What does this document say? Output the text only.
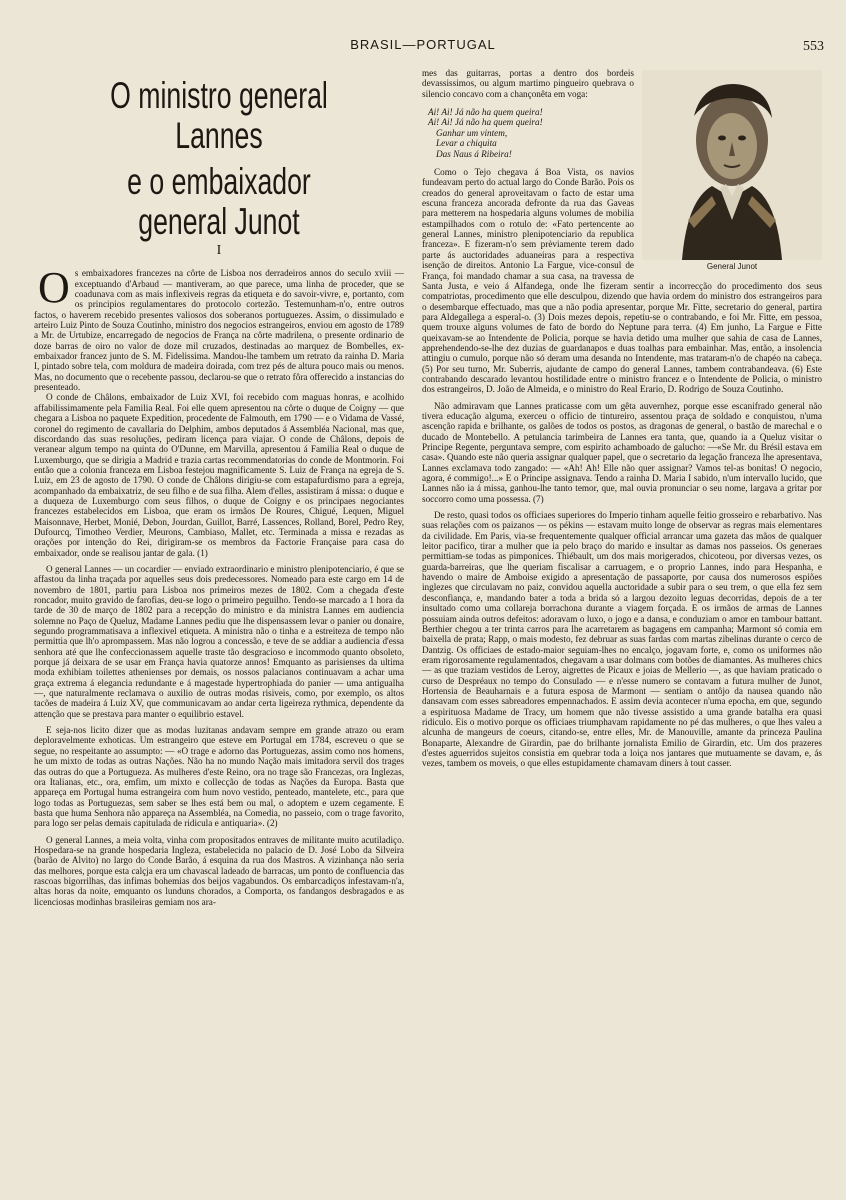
BRASIL—PORTUGAL	553
O ministro general Lannes
e o embaixador general Junot
I
O s embaixadores francezes na côrte de Lisboa nos derradeiros annos do seculo xviii — exceptuando d'Arbaud — mantiveram, ao que parece, uma linha de proceder, que se coadunava com as mais inflexiveis regras da etiqueta e do savoir-vivre, e, portanto, com os principios regulamentares do protocolo cortezão. Testemunham-n'o, entre outros factos, o haverem recebido presentes valiosos dos soberanos portuguezes. Assim, o dissimulado e arteiro Luiz Pinto de Souza Coutinho, ministro dos negocios estrangeiros, enviou em agosto de 1789 a Mr. de Urtubize, encarregado de negocios de França na côrte madrilena, o presente ordinario de doze barras de oiro no valor de doze mil cruzados, destinadas ao marquez de Bombelles, ex-embaixador francez junto de S. M. Fidelissima. Mandou-lhe tambem um retrato da rainha D. Maria I, pintado sobre tela, com moldura de madeira doirada, com trez pés de altura pouco mais ou menos. Mas, no documento que o recebente passou, declarou-se que o retrato fôra offerecido a instancias do presenteado.

O conde de Châlons, embaixador de Luiz XVI, foi recebido com maguas honras, e acolhido affabilissimamente pela Familia Real. Foi elle quem apresentou na côrte o duque de Coigny — que chegara a Lisboa no paquete Expedition, procedente de Falmouth, em 1790 — e o Vidama de Vassé, coronel do regimento de cavallaria do Delphim, ambos deputados á Assembléa Nacional, mas que, discordando das suas resoluções, pediram licença para viajar. O conde de Châlons, depois de veranear algum tempo na quinta do O'Dunne, em Marvilla, apresentou á Familia Real o duque de Luxemburgo, que se dirigia a Madrid e trazia cartas recommendatorias do conde de Montmorin. Foi então que a colonia franceza em Lisboa festejou magnificamente S. Luiz de França na egreja de S. Luiz, em 23 de agosto de 1790. O conde de Châlons dirigiu-se com estapafurdismo para a egreja, acompanhado da embaixatriz, de seu filho e de sua filha. Alem d'elles, assistiram á missa: o duque e a duqueza de Luxemburgo com seus filhos, o duque de Coigny e os principaes negociantes francezes estabelecidos em Lisboa, que eram os irmãos De Roures, Chigué, Lequen, Miguel Maisonnave, Herbet, Monié, Debon, Jourdan, Guillot, Barré, Lassences, Rolland, Borel, Pedro Rey, Dufourcq, Timotheo Verdier, Meurons, Cambiaso, Mallet, etc. Terminada a missa e rezadas as orações por intenção do Rei, dirigiram-se os membros da Factorie Française para casa do embaixador, onde se realisou jantar de gala. (1)

O general Lannes — un cocardier — enviado extraordinario e ministro plenipotenciario, é que se affastou da linha traçada por aquelles seus dois predecessores. Nomeado para este cargo em 14 de novembro de 1801, partiu para Lisboa nos primeiros mezes de 1802. Com a chegada d'este roncador, muito gravido de farofias, deu-se logo o primeiro peguilho. Tendo-se marcado a 1 hora da tarde de 30 de março de 1802 para a recepção do ministro e da ministra Lannes em audiencia solemne no Paço de Queluz, Madame Lannes pediu que lhe dispensassem levar o panier ou donaire, segundo programmatisava a inflexivel etiqueta. A ministra não o tinha e a estreiteza de tempo não permittia que lh'o aprompassem. Mas não logrou a concessão, e teve de se addiar a audiencia d'essa senhora até que lhe confeccionassem aquelle traste tão desgracioso e incommodo quanto obsoleto, porque já deixara de se usar em França havia quatorze annos! Emquanto as parisienses da ultima moda exhibiam toilettes athenienses por demais, os nossos palacianos continuavam a achar uma graça extrema á elegancia redundante e á magestade hypertrophiada do panier — uma antigualha —, que naturalmente reclamava o auxilio de outras modas risiveis, como, por exemplo, os altos tacões de madeira á Luiz XV, que communicavam ao andar certa ligeireza rythmica, dependente da attenção que se prestava para manter o equilibrio estavel.

E seja-nos licito dizer que as modas luzitanas andavam sempre em grande atrazo ou eram deploravelmente exhoticas. Um estrangeiro que esteve em Portugal em 1784, escreveu o que se segue, no respeitante ao assumpto: — «O trage e adorno das Portuguezas, assim como nos homens, he um mixto de todas as outras Nações. Não ha no mundo Nação mais imitadora servil dos trages das outras do que a Portugueza. As mulheres d'este Reino, ora no trage são Francezas, ora Inglezas, ora Italianas, etc., ora, emfim, um mixto e collecção de todas as Nações da Europa. Basta que appareça em Portugal huma estrangeira com hum novo vestido, penteado, mantelete, etc., para que logo todas as Portuguezas, sem saber se lhes está bem ou mal, o adoptem e uzem cegamente. E basta que huma Senhora não appareça na Assembléa, na Comedia, no passeio, com o trage favorito, para logo ser pelas demais capitulada de ridicula e antiquaria». (2)

O general Lannes, a meia volta, vinha com propositados entraves de militante muito acutiladiço. Hospedara-se na grande hospedaria Ingleza, estabelecida no palacio de D. José Lobo da Silveira (barão de Alvito) no largo do Conde Barão, á esquina da rua dos Mastros. A vizinhança não seria das melhores, porque esta calçja era um chavascal ladeado de barracas, um ponto de confluencia das rascoas bigorrilhas, das infimas bohemias dos beijos vagabundos. Os embarcadiços infestavam-n'a, altas horas da noite, emquanto os lunduns chorados, a Comporta, os fandangos desbragados e as licenciosas modinhas brasileiras gemiam nos ara-

General Junot

mes das guitarras, portas a dentro dos bordeis devassissimos, ou algum martimo pingueiro quebrava o silencio concavo com a chançonêta em voga:

Ai! Ai! Já não ha quem queira!
Ai! Ai! Já não ha quem queira!
Ganhar um vintem,
Levar a chiquita
Das Naus á Ribeira!

Como o Tejo chegava á Boa Vista, os navios fundeavam perto do actual largo do Conde Barão. Pois os creados do general aproveitavam o facto de estar uma escuna franceza ancorada defronte da rua das Gaveas para metterem na hospedaria alguns volumes de mobilia estampilhados com o rotulo de: «Fato pertencente ao general Lannes, ministro plenipotenciario da republica franceza». E fizeram-n'o sem prèviamente terem dado parte ás auctoridades aduaneiras para a respectiva isenção de direitos. Antonio La Fargue, vice-consul de França, foi mandado chamar a sua casa, na travessa de Santa Justa, e veio á Alfandega, onde lhe fizeram sentir a incorrecção do procedimento dos seus compatriotas, procedimento que elle desculpou, dizendo que havia ordem do ministro dos estrangeiros para o desembarque effectuado, mas que a não podia apresentar, porque Mr. Fitte, secretario do general, partira para Aldegallega a esperal-o. (3) Dois mezes depois, repetiu-se o contrabando, e foi Mr. Fitte, em pessoa, quem trouxe alguns volumes de fato de bordo do Neptune para terra. (4) Em junho, La Fargue e Fitte queixavam-se ao Intendente de Policia, porque se havia detido uma mulher que sahia de casa de Lannes, apprehendendo-se-lhe dez duzias de guardanapos e duas toalhas para embainhar. Mas, então, a insolencia attingiu o cumulo, porque não só deram uma desanda no Intendente, mas trataram-n'o de chapéo na cabeça. (5) Por seu turno, Mr. Suberris, ajudante de campo do general Lannes, tambem contrabandeava. (6) Este contrabando descarado levantou hostilidade entre o ministro francez e o Intendente de Policia, o ministro dos estrangeiros, D. João de Almeida, e o ministro do Real Erario, D. Rodrigo de Souza Coutinho.

Não admiravam que Lannes praticasse com um gêta auvernhez, porque esse escanifrado general não tivera educação alguma, exerceu o officio de tintureiro, assentou praça de soldado e conquistou, n'uma ascenção rapida e brilhante, os galões de todos os postos, as dragonas de general, o bastão de marechal e o ducado de Montebello. A petulancia tarimbeira de Lannes era tanta, que, quando ia a Queluz visitar o Principe Regente, perguntava sempre, com espirito achamboado de galucho: —«Se Mr. du Brésil estava em casa». Quando este não queria assignar qualquer papel, que o secretario da legação franceza lhe apresentava, Lannes exclamava todo zangado: — «Ah! Ah! Elle não quer assignar? Vamos tel-as bonitas! O negocio, agora, é commigo!...» E o Principe assignava. Tendo a rainha D. Maria I sabido, n'um intervallo lucido, que Lannes não ia á missa, ganhou-lhe tanto temor, que, mal ouvia pronunciar o seu nome, largava a gritar por soccorro como uma possessa. (7)

De resto, quasi todos os officiaes superiores do Imperio tinham aquelle feitio grosseiro e rebarbativo. Nas suas relações com os paizanos — os pékins — estavam muito longe de observar as regras mais elementares da civilidade. Em Paris, via-se frequentemente qualquer official arrancar uma gazeta das mãos de qualquer leitor pacifico, tirar a mulher que ia pelo braço do marido e insultar as damas nos passeios. Os generaes permittiam-se todas as pimponices. Thiébault, um dos mais morigerados, chicoteou, por diversas vezes, os guarda-barreiras, que lhe queriam fiscalisar a carruagem, e o proprio Lannes, indo para Hespanha, e havendo o maire de Amboise exigido a apresentação de passaporte, por causa dos numerosos espiões inglezes que circulavam no paiz, convidou aquella auctoridade a subir para o seu trem, o que ella fez sem desconfiança, e, mandando bater a toda a brida só a largou dezoito leguas decorridas, depois de a ter insultado como uma collareja borrachona durante a viagem forçada. E os irmãos de armas de Lannes possuiam ainda outros defeitos: adoravam o luxo, o jogo e a dansa, e conduziam o amor en tambour battant. Berthier chegou a ter trinta carros para lhe acarretarem as bagagens em campanha; Marmont só comia em baixella de prata; Rapp, o mais modesto, fez debruar as suas fardas com martas zibelinas durante o cerco de Dantzig. Os officiaes de estado-maior seguiam-lhes no encalço, jogavam forte, e, como os uniformes não eram rigorosamente regulamentados, chegavam a usar dolmans com botões de diamantes. As mulheres chics — as que traziam vestidos de Leroy, aigrettes de Picaux e joias de Mellerio —, as que haviam praticado o curso de Despréaux no tempo do Consulado — e n'esse numero se contavam a futura mulher de Junot, Hortensia de Beauharnais e a futura esposa de Marmont — sentiam o antôjo da nausea quando não dansavam com esses sabreadores empennachados. E assim devia acontecer n'uma epocha, em que, segundo a espirituosa Madame de Tracy, um homem que não tivesse assistido a uma grande batalha era quasi ridiculo. Eis o motivo porque os officiaes triumphavam rapidamente no pé das mulheres, o que lhes valeu a alcunha de mangeurs de coeurs, citando-se, entre elles, Mr. de Manouville, amante da princeza Paulina Bonaparte, Alexandre de Girardin, pae do brilhante jornalista Emilio de Girardin, etc. Um dos prazeres d'estes aguerridos sujeitos consistia em quebrar toda a loiça nos jantares que mutuamente se davam, e, ás vezes, tambem os moveis, o que elles estupidamente chamavam diners à tout casser.
